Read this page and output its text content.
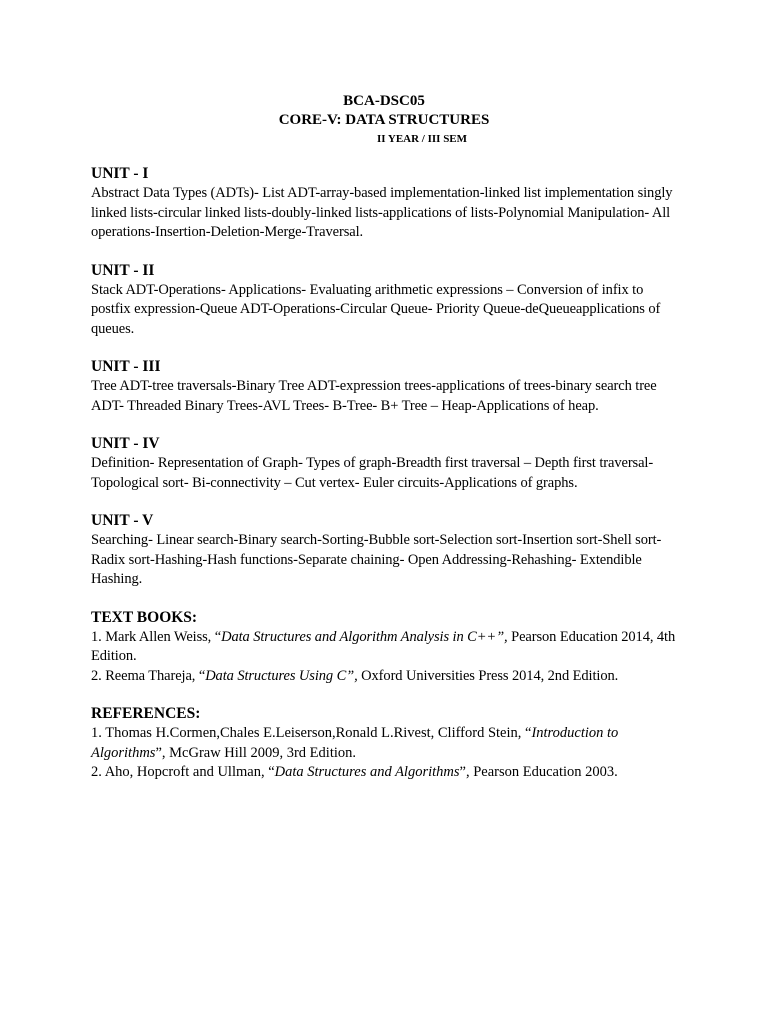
BCA-DSC05
CORE-V: DATA STRUCTURES
II YEAR / III SEM
UNIT - I
Abstract Data Types (ADTs)- List ADT-array-based implementation-linked list implementation singly linked lists-circular linked lists-doubly-linked lists-applications of lists-Polynomial Manipulation- All operations-Insertion-Deletion-Merge-Traversal.
UNIT - II
Stack ADT-Operations- Applications- Evaluating arithmetic expressions – Conversion of infix to postfix expression-Queue ADT-Operations-Circular Queue- Priority Queue-deQueueapplications of queues.
UNIT - III
Tree ADT-tree traversals-Binary Tree ADT-expression trees-applications of trees-binary search tree ADT- Threaded Binary Trees-AVL Trees- B-Tree- B+ Tree – Heap-Applications of heap.
UNIT - IV
Definition- Representation of Graph- Types of graph-Breadth first traversal – Depth first traversal-Topological sort- Bi-connectivity – Cut vertex- Euler circuits-Applications of graphs.
UNIT - V
Searching- Linear search-Binary search-Sorting-Bubble sort-Selection sort-Insertion sort-Shell sort-Radix sort-Hashing-Hash functions-Separate chaining- Open Addressing-Rehashing- Extendible Hashing.
TEXT BOOKS:
1. Mark Allen Weiss, “Data Structures and Algorithm Analysis in C++”, Pearson Education 2014, 4th Edition.
2. Reema Thareja, “Data Structures Using C”, Oxford Universities Press 2014, 2nd Edition.
REFERENCES:
1. Thomas H.Cormen,Chales E.Leiserson,Ronald L.Rivest, Clifford Stein, “Introduction to
Algorithms”, McGraw Hill 2009, 3rd Edition.
2. Aho, Hopcroft and Ullman, “Data Structures and Algorithms”, Pearson Education 2003.
